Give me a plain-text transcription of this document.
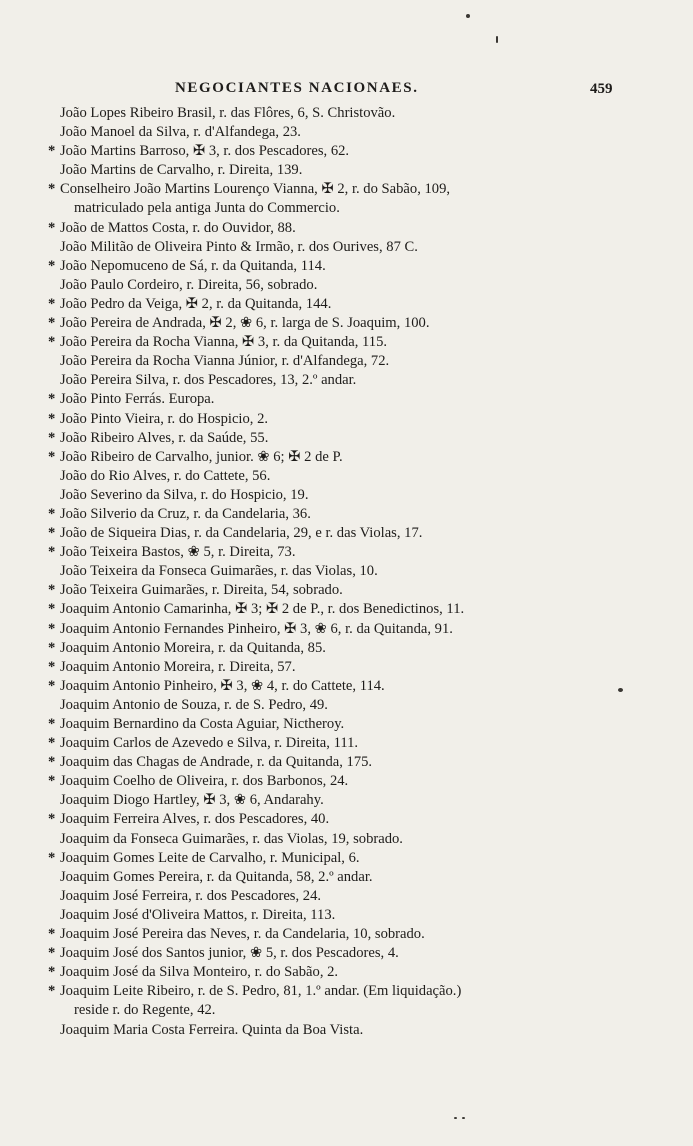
NEGOCIANTES NACIONAES.	459
João Lopes Ribeiro Brasil, r. das Flôres, 6, S. Christovão.
João Manoel da Silva, r. d'Alfandega, 23.
* João Martins Barroso, ✠ 3, r. dos Pescadores, 62.
João Martins de Carvalho, r. Direita, 139.
* Conselheiro João Martins Lourenço Vianna, ✠ 2, r. do Sabão, 109,
matriculado pela antiga Junta do Commercio.
* João de Mattos Costa, r. do Ouvidor, 88.
João Militão de Oliveira Pinto & Irmão, r. dos Ourives, 87 C.
* João Nepomuceno de Sá, r. da Quitanda, 114.
João Paulo Cordeiro, r. Direita, 56, sobrado.
* João Pedro da Veiga, ✠ 2, r. da Quitanda, 144.
* João Pereira de Andrada, ✠ 2, ❀ 6, r. larga de S. Joaquim, 100.
* João Pereira da Rocha Vianna, ✠ 3, r. da Quitanda, 115.
João Pereira da Rocha Vianna Júnior, r. d'Alfandega, 72.
João Pereira Silva, r. dos Pescadores, 13, 2.º andar.
* João Pinto Ferrás. Europa.
* João Pinto Vieira, r. do Hospicio, 2.
* João Ribeiro Alves, r. da Saúde, 55.
* João Ribeiro de Carvalho, junior. ❀ 6; ✠ 2 de P.
João do Rio Alves, r. do Cattete, 56.
João Severino da Silva, r. do Hospicio, 19.
* João Silverio da Cruz, r. da Candelaria, 36.
* João de Siqueira Dias, r. da Candelaria, 29, e r. das Violas, 17.
* João Teixeira Bastos, ❀ 5, r. Direita, 73.
João Teixeira da Fonseca Guimarães, r. das Violas, 10.
* João Teixeira Guimarães, r. Direita, 54, sobrado.
* Joaquim Antonio Camarinha, ✠ 3; ✠ 2 de P., r. dos Benedictinos, 11.
* Joaquim Antonio Fernandes Pinheiro, ✠ 3, ❀ 6, r. da Quitanda, 91.
* Joaquim Antonio Moreira, r. da Quitanda, 85.
* Joaquim Antonio Moreira, r. Direita, 57.
* Joaquim Antonio Pinheiro, ✠ 3, ❀ 4, r. do Cattete, 114.
Joaquim Antonio de Souza, r. de S. Pedro, 49.
* Joaquim Bernardino da Costa Aguiar, Nictheroy.
* Joaquim Carlos de Azevedo e Silva, r. Direita, 111.
* Joaquim das Chagas de Andrade, r. da Quitanda, 175.
* Joaquim Coelho de Oliveira, r. dos Barbonos, 24.
Joaquim Diogo Hartley, ✠ 3, ❀ 6, Andarahy.
* Joaquim Ferreira Alves, r. dos Pescadores, 40.
Joaquim da Fonseca Guimarães, r. das Violas, 19, sobrado.
* Joaquim Gomes Leite de Carvalho, r. Municipal, 6.
Joaquim Gomes Pereira, r. da Quitanda, 58, 2.º andar.
Joaquim José Ferreira, r. dos Pescadores, 24.
Joaquim José d'Oliveira Mattos, r. Direita, 113.
* Joaquim José Pereira das Neves, r. da Candelaria, 10, sobrado.
* Joaquim José dos Santos junior, ❀ 5, r. dos Pescadores, 4.
* Joaquim José da Silva Monteiro, r. do Sabão, 2.
* Joaquim Leite Ribeiro, r. de S. Pedro, 81, 1.º andar. (Em liquidação.)
reside r. do Regente, 42.
Joaquim Maria Costa Ferreira. Quinta da Boa Vista.
